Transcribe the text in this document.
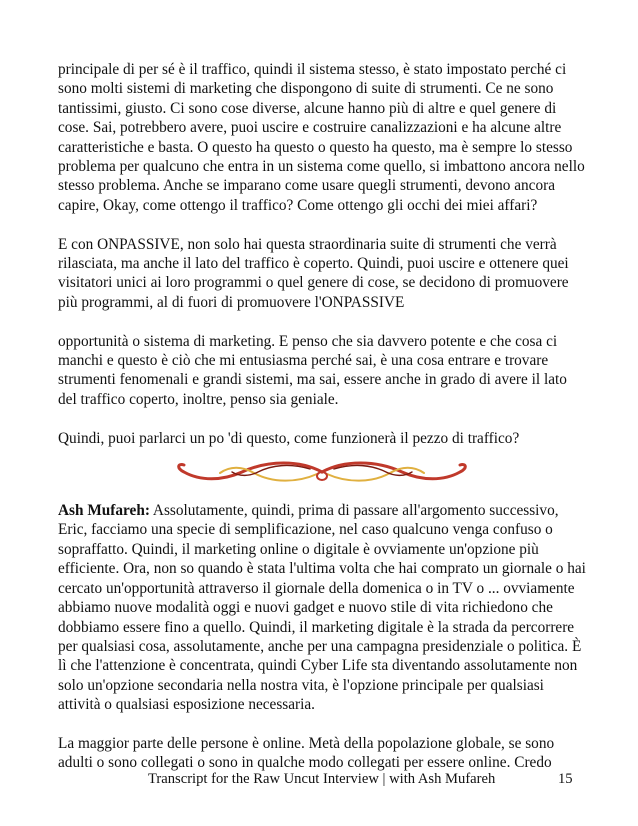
principale di per sé è il traffico, quindi il sistema stesso, è stato impostato perché ci sono molti sistemi di marketing che dispongono di suite di strumenti. Ce ne sono tantissimi, giusto. Ci sono cose diverse, alcune hanno più di altre e quel genere di cose. Sai, potrebbero avere, puoi uscire e costruire canalizzazioni e ha alcune altre caratteristiche e basta. O questo ha questo o questo ha questo, ma è sempre lo stesso problema per qualcuno che entra in un sistema come quello, si imbattono ancora nello stesso problema. Anche se imparano come usare quegli strumenti, devono ancora capire, Okay, come ottengo il traffico? Come ottengo gli occhi dei miei affari?

E con ONPASSIVE, non solo hai questa straordinaria suite di strumenti che verrà rilasciata, ma anche il lato del traffico è coperto. Quindi, puoi uscire e ottenere quei visitatori unici ai loro programmi o quel genere di cose, se decidono di promuovere più programmi, al di fuori di promuovere l'ONPASSIVE

opportunità o sistema di marketing. E penso che sia davvero potente e che cosa ci manchi e questo è ciò che mi entusiasma perché sai, è una cosa entrare e trovare strumenti fenomenali e grandi sistemi, ma sai, essere anche in grado di avere il lato del traffico coperto, inoltre, penso sia geniale.

Quindi, puoi parlarci un po 'di questo, come funzionerà il pezzo di traffico?

Ash Mufareh: Assolutamente, quindi, prima di passare all'argomento successivo, Eric, facciamo una specie di semplificazione, nel caso qualcuno venga confuso o sopraffatto. Quindi, il marketing online o digitale è ovviamente un'opzione più efficiente. Ora, non so quando è stata l'ultima volta che hai comprato un giornale o hai cercato un'opportunità attraverso il giornale della domenica o in TV o ... ovviamente abbiamo nuove modalità oggi e nuovi gadget e nuovo stile di vita richiedono che dobbiamo essere fino a quello. Quindi, il marketing digitale è la strada da percorrere per qualsiasi cosa, assolutamente, anche per una campagna presidenziale o politica. È lì che l'attenzione è concentrata, quindi Cyber Life sta diventando assolutamente non solo un'opzione secondaria nella nostra vita, è l'opzione principale per qualsiasi attività o qualsiasi esposizione necessaria.

La maggior parte delle persone è online. Metà della popolazione globale, se sono adulti o sono collegati o sono in qualche modo collegati per essere online. Credo

Transcript for the Raw Uncut Interview | with Ash Mufareh	15
